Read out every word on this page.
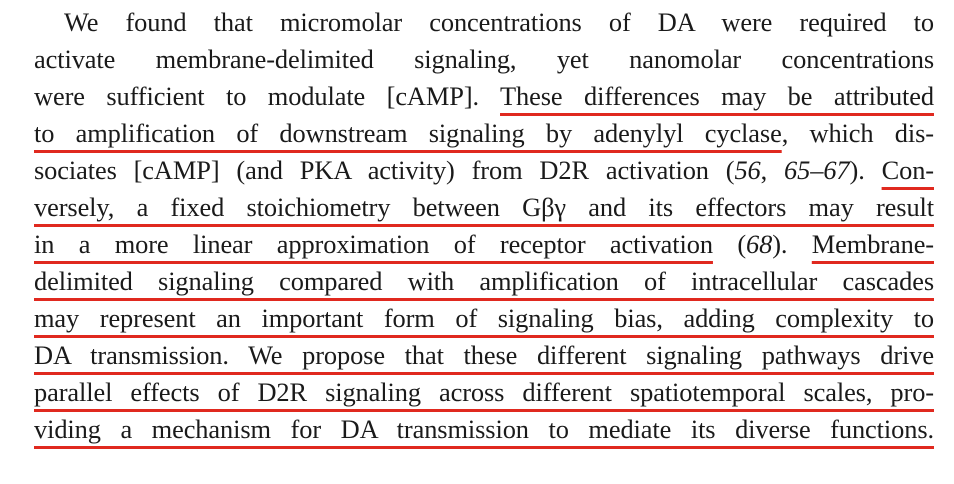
We found that micromolar concentrations of DA were required to
activate membrane-delimited signaling, yet nanomolar concentrations
were sufficient to modulate [cAMP]. These differences may be attributed
to amplification of downstream signaling by adenylyl cyclase, which dis-
sociates [cAMP] (and PKA activity) from D2R activation (56, 65–67). Con-
versely, a fixed stoichiometry between Gβγ and its effectors may result
in a more linear approximation of receptor activation (68). Membrane-
delimited signaling compared with amplification of intracellular cascades
may represent an important form of signaling bias, adding complexity to
DA transmission. We propose that these different signaling pathways drive
parallel effects of D2R signaling across different spatiotemporal scales, pro-
viding a mechanism for DA transmission to mediate its diverse functions.
